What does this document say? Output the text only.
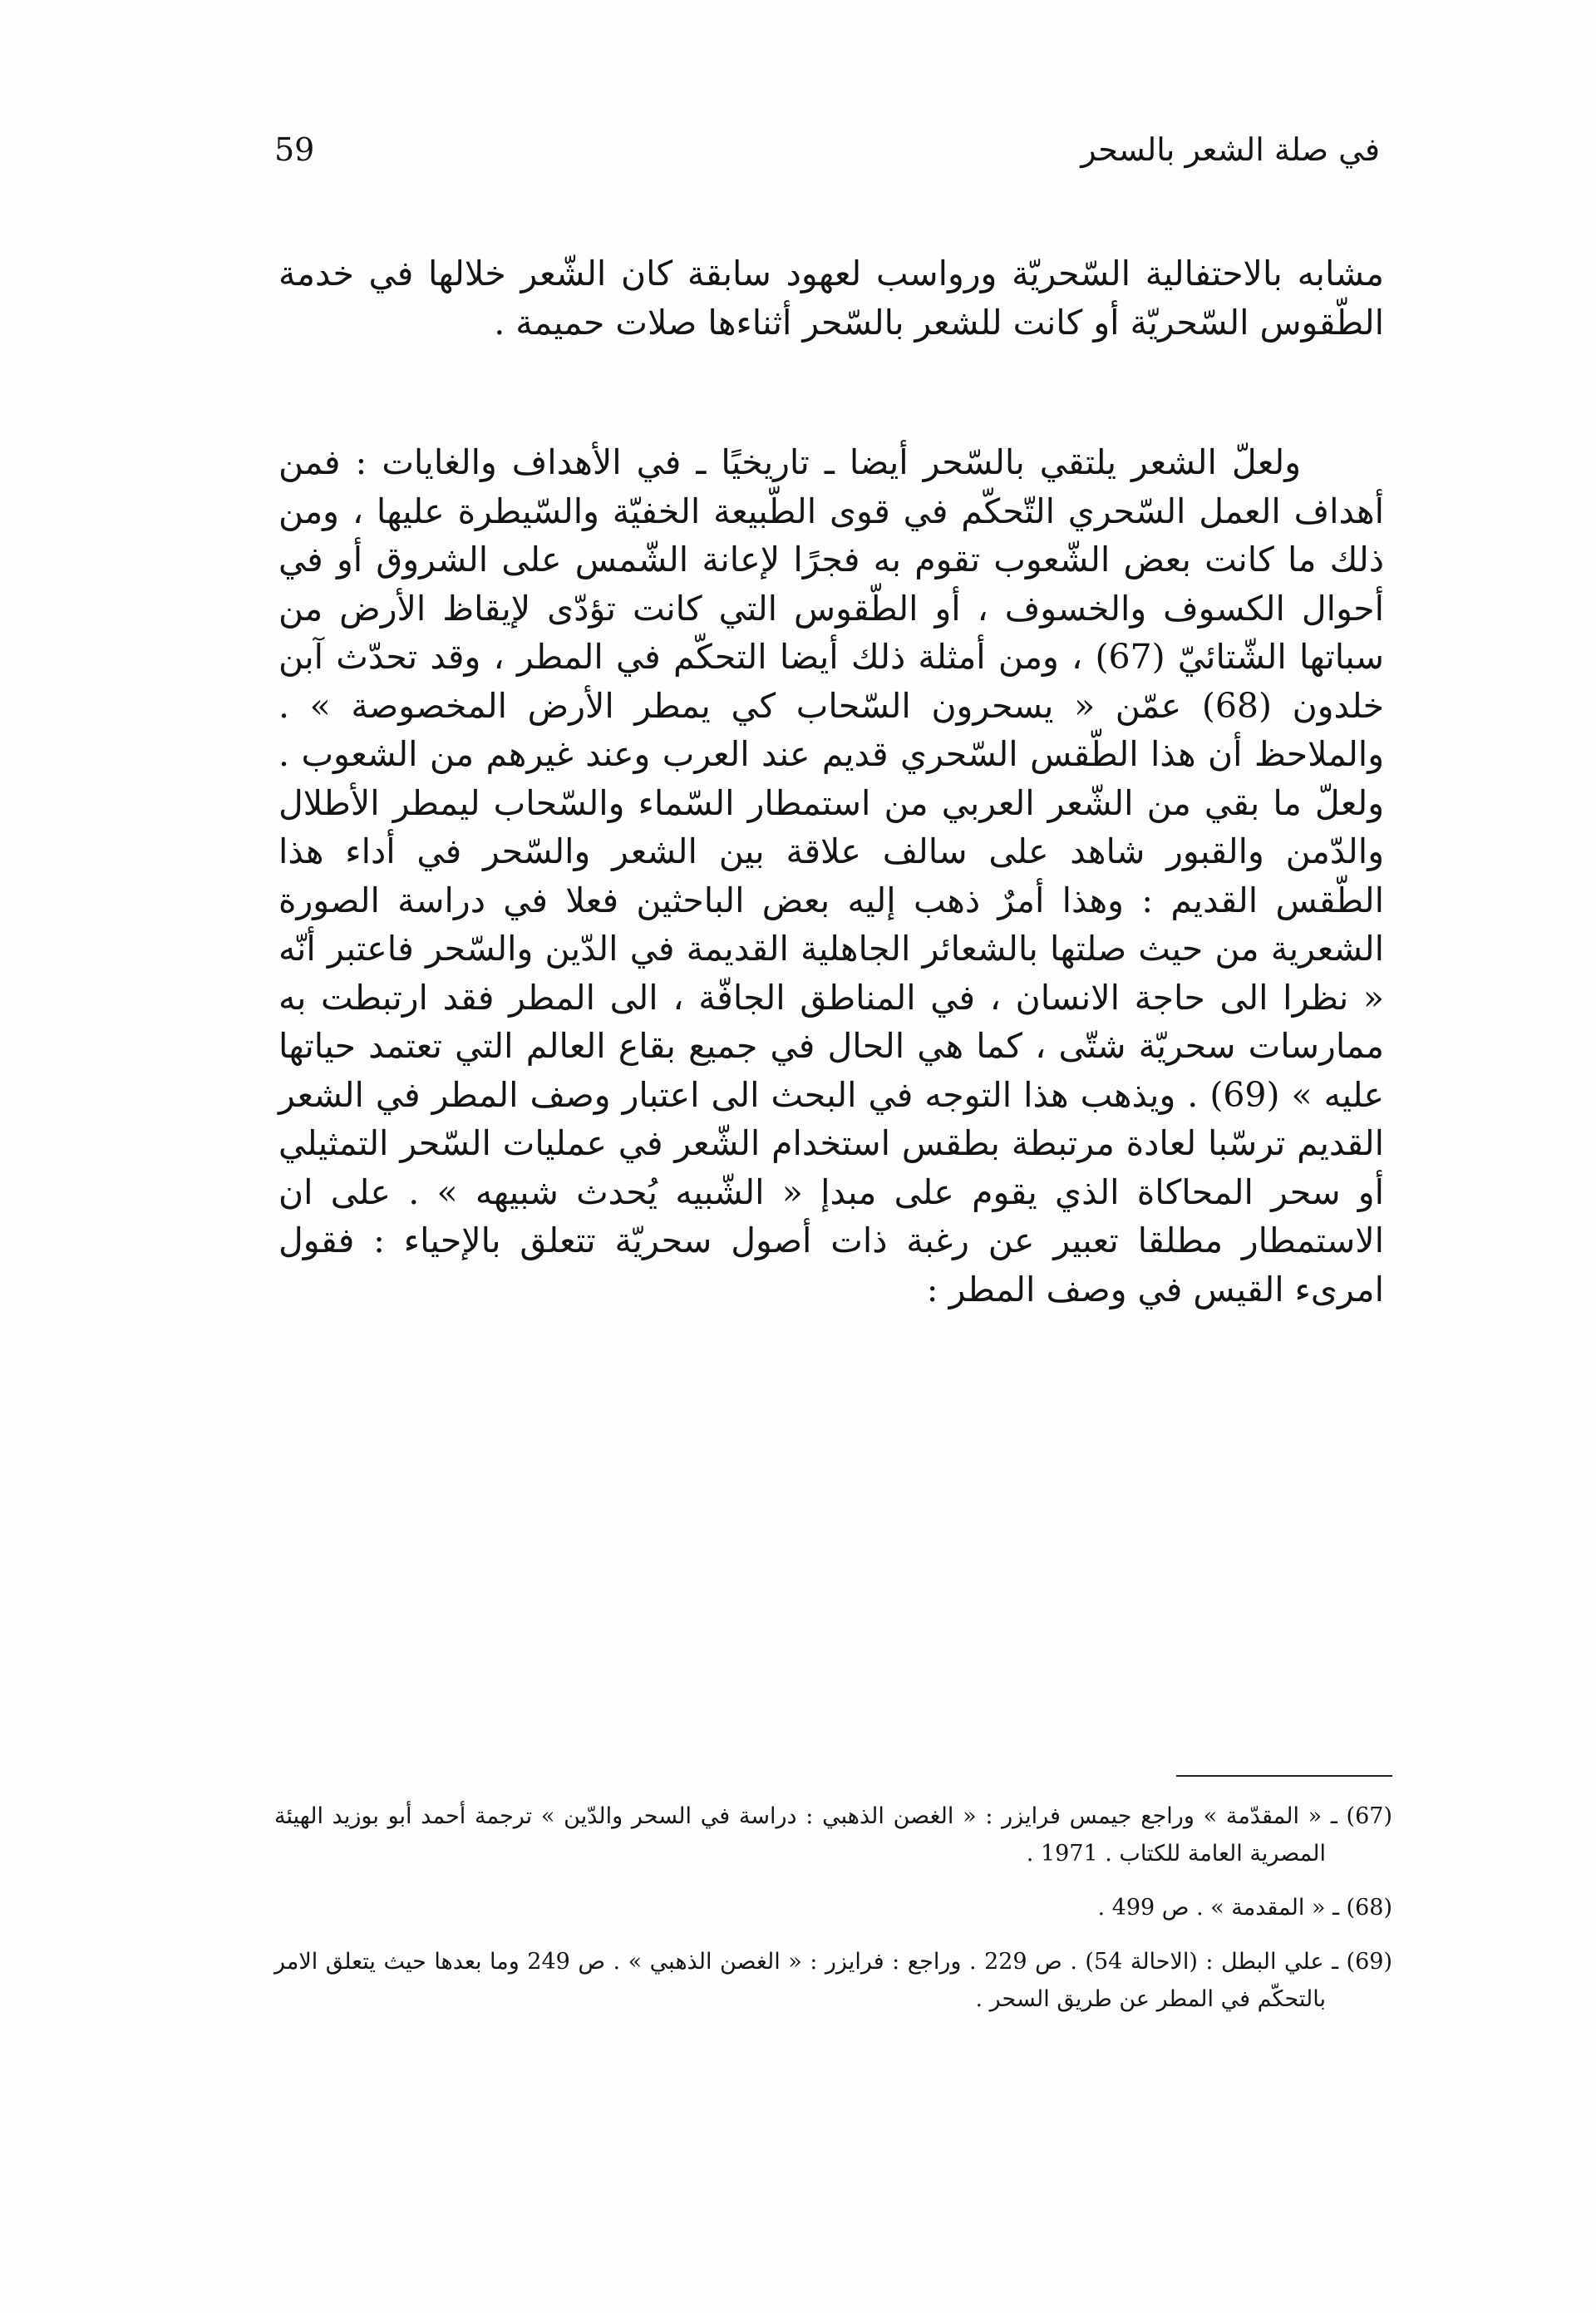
في صلة الشعر بالسحر
59

مشابه بالاحتفالية السّحريّة ورواسب لعهود سابقة كان الشّعر خلالها في خدمة الطّقوس السّحريّة أو كانت للشعر بالسّحر أثناءها صلات حميمة .

ولعلّ الشعر يلتقي بالسّحر أيضا ـ تاريخيًا ـ في الأهداف والغايات : فمن أهداف العمل السّحري التّحكّم في قوى الطّبيعة الخفيّة والسّيطرة عليها ، ومن ذلك ما كانت بعض الشّعوب تقوم به فجرًا لإعانة الشّمس على الشروق أو في أحوال الكسوف والخسوف ، أو الطّقوس التي كانت تؤدّى لإيقاظ الأرض من سباتها الشّتائيّ (67) ، ومن أمثلة ذلك أيضا التحكّم في المطر ، وقد تحدّث آبن خلدون (68) عمّن « يسحرون السّحاب كي يمطر الأرض المخصوصة » . والملاحظ أن هذا الطّقس السّحري قديم عند العرب وعند غيرهم من الشعوب . ولعلّ ما بقي من الشّعر العربي من استمطار السّماء والسّحاب ليمطر الأطلال والدّمن والقبور شاهد على سالف علاقة بين الشعر والسّحر في أداء هذا الطّقس القديم : وهذا أمرٌ ذهب إليه بعض الباحثين فعلا في دراسة الصورة الشعرية من حيث صلتها بالشعائر الجاهلية القديمة في الدّين والسّحر فاعتبر أنّه « نظرا الى حاجة الانسان ، في المناطق الجافّة ، الى المطر فقد ارتبطت به ممارسات سحريّة شتّى ، كما هي الحال في جميع بقاع العالم التي تعتمد حياتها عليه » (69) . ويذهب هذا التوجه في البحث الى اعتبار وصف المطر في الشعر القديم ترسّبا لعادة مرتبطة بطقس استخدام الشّعر في عمليات السّحر التمثيلي أو سحر المحاكاة الذي يقوم على مبدإ « الشّبيه يُحدث شبيهه » . على ان الاستمطار مطلقا تعبير عن رغبة ذات أصول سحريّة تتعلق بالإحياء : فقول امرىء القيس في وصف المطر :

(67) ـ « المقدّمة » وراجع جيمس فرايزر : « الغصن الذهبي : دراسة في السحر والدّين » ترجمة أحمد أبو بوزيد الهيئة المصرية العامة للكتاب . 1971 .

(68) ـ « المقدمة » . ص 499 .

(69) ـ علي البطل : (الاحالة 54) . ص 229 . وراجع : فرايزر : « الغصن الذهبي » . ص 249 وما بعدها حيث يتعلق الامر بالتحكّم في المطر عن طريق السحر .
